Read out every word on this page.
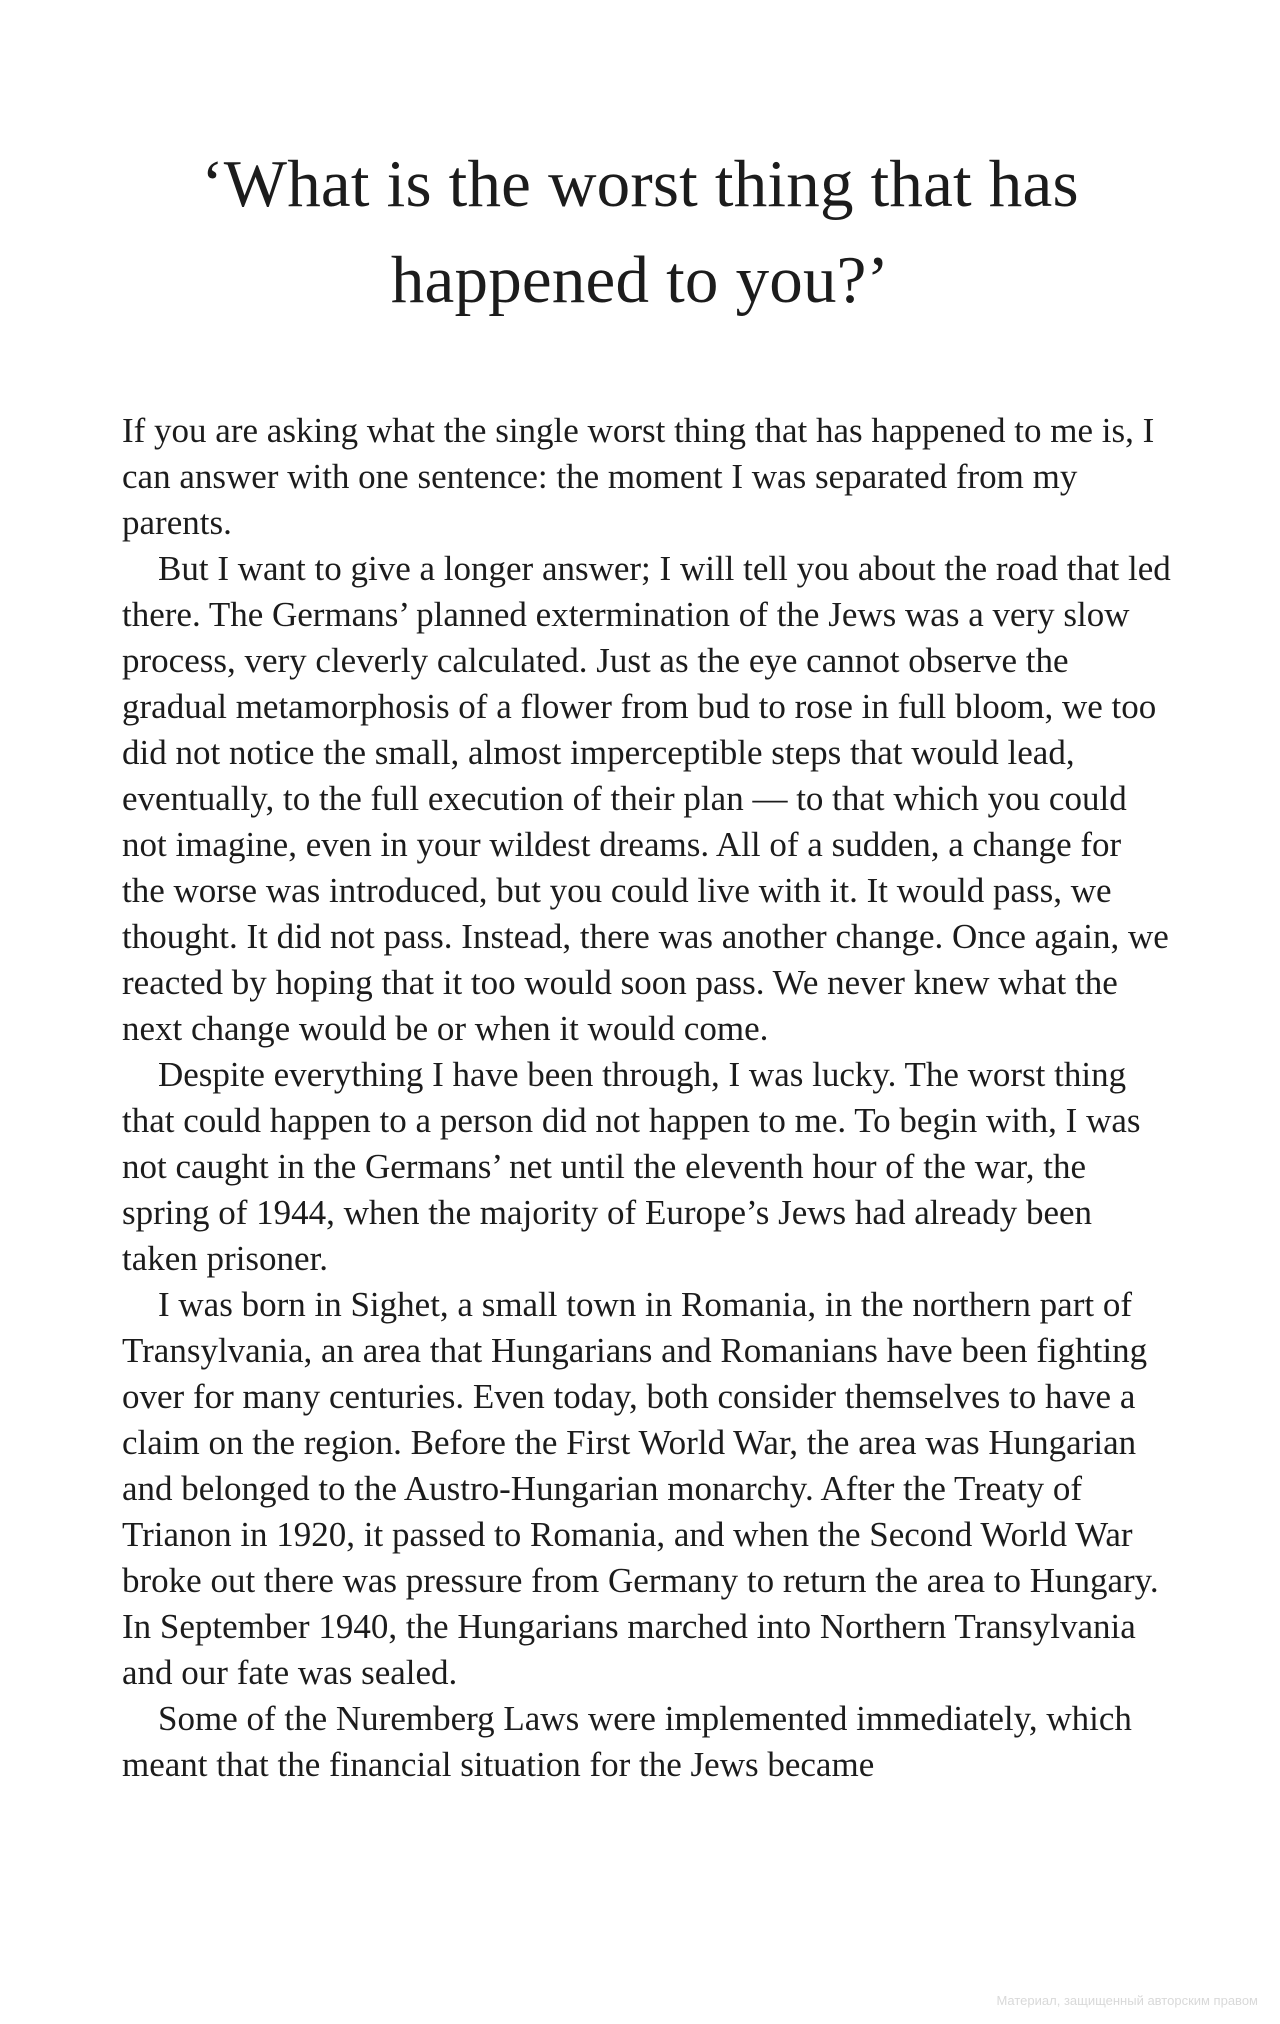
‘What is the worst thing that has happened to you?’

If you are asking what the single worst thing that has happened to me is, I can answer with one sentence: the moment I was separated from my parents.

But I want to give a longer answer; I will tell you about the road that led there. The Germans’ planned extermination of the Jews was a very slow process, very cleverly calculated. Just as the eye cannot observe the gradual metamorphosis of a flower from bud to rose in full bloom, we too did not notice the small, almost imperceptible steps that would lead, eventually, to the full execution of their plan — to that which you could not imagine, even in your wildest dreams. All of a sudden, a change for the worse was introduced, but you could live with it. It would pass, we thought. It did not pass. Instead, there was another change. Once again, we reacted by hoping that it too would soon pass. We never knew what the next change would be or when it would come.

Despite everything I have been through, I was lucky. The worst thing that could happen to a person did not happen to me. To begin with, I was not caught in the Germans’ net until the eleventh hour of the war, the spring of 1944, when the majority of Europe’s Jews had already been taken prisoner.

I was born in Sighet, a small town in Romania, in the northern part of Transylvania, an area that Hungarians and Romanians have been fighting over for many centuries. Even today, both consider themselves to have a claim on the region. Before the First World War, the area was Hungarian and belonged to the Austro-Hungarian monarchy. After the Treaty of Trianon in 1920, it passed to Romania, and when the Second World War broke out there was pressure from Germany to return the area to Hungary. In September 1940, the Hungarians marched into Northern Transylvania and our fate was sealed.

Some of the Nuremberg Laws were implemented immediately, which meant that the financial situation for the Jews became

Материал, защищенный авторским правом
